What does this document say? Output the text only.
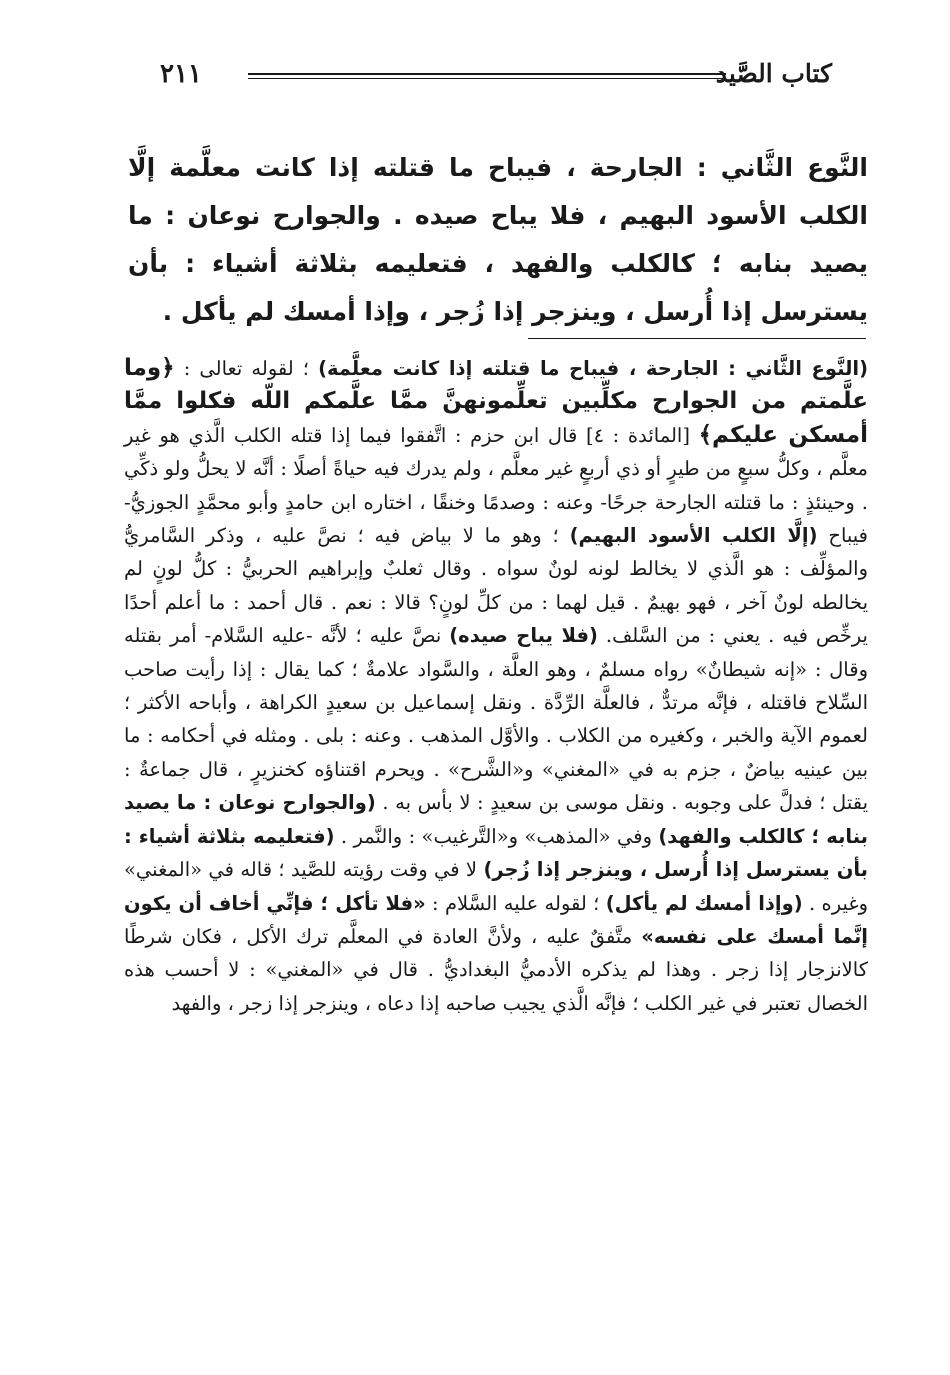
كتاب الصَّيد
٢١١

النَّوع الثَّاني : الجارحة ، فيباح ما قتلته إذا كانت معلَّمة إلَّا الكلب الأسود البهيم ، فلا يباح صيده . والجوارح نوعان : ما يصيد بنابه ؛ كالكلب والفهد ، فتعليمه بثلاثة أشياء : بأن يسترسل إذا أُرسل ، وينزجر إذا زُجر ، وإذا أمسك لم يأكل .

(النَّوع الثَّاني : الجارحة ، فيباح ما قتلته إذا كانت معلَّمة) ؛ لقوله تعالى : ﴿وما علَّمتم من الجوارح مكلِّبين تعلِّمونهنَّ ممَّا علَّمكم اللّه فكلوا ممَّا أمسكن عليكم﴾ [المائدة : ٤] قال ابن حزم : اتَّفقوا فيما إذا قتله الكلب الَّذي هو غير معلَّم ، وكلُّ سبعٍ من طيرٍ أو ذي أربعٍ غير معلَّم ، ولم يدرك فيه حياةً أصلًا : أنَّه لا يحلُّ ولو ذكِّي . وحينئذٍ : ما قتلته الجارحة جرحًا- وعنه : وصدمًا وخنقًا ، اختاره ابن حامدٍ وأبو محمَّدٍ الجوزيُّ- فيباح (إلَّا الكلب الأسود البهيم) ؛ وهو ما لا بياض فيه ؛ نصَّ عليه ، وذكر السَّامريُّ والمؤلِّف : هو الَّذي لا يخالط لونه لونٌ سواه . وقال ثعلبٌ وإبراهيم الحربيُّ : كلُّ لونٍ لم يخالطه لونٌ آخر ، فهو بهيمٌ . قيل لهما : من كلِّ لونٍ؟ قالا : نعم . قال أحمد : ما أعلم أحدًا يرخِّص فيه . يعني : من السَّلف. (فلا يباح صيده) نصَّ عليه ؛ لأنَّه -عليه السَّلام- أمر بقتله وقال : «إنه شيطانٌ» رواه مسلمٌ ، وهو العلَّة ، والسَّواد علامةٌ ؛ كما يقال : إذا رأيت صاحب السِّلاح فاقتله ، فإنَّه مرتدٌّ ، فالعلَّة الرِّدَّة . ونقل إسماعيل بن سعيدٍ الكراهة ، وأباحه الأكثر ؛ لعموم الآية والخبر ، وكغيره من الكلاب . والأوَّل المذهب . وعنه : بلى . ومثله في أحكامه : ما بين عينيه بياضٌ ، جزم به في «المغني» و«الشَّرح» . ويحرم اقتناؤه كخنزيرٍ ، قال جماعةٌ : يقتل ؛ فدلَّ على وجوبه . ونقل موسى بن سعيدٍ : لا بأس به . (والجوارح نوعان : ما يصيد بنابه ؛ كالكلب والفهد) وفي «المذهب» و«التَّرغيب» : والنَّمر . (فتعليمه بثلاثة أشياء : بأن يسترسل إذا أُرسل ، وينزجر إذا زُجر) لا في وقت رؤيته للصَّيد ؛ قاله في «المغني» وغيره . (وإذا أمسك لم يأكل) ؛ لقوله عليه السَّلام : «فلا تأكل ؛ فإنِّي أخاف أن يكون إنَّما أمسك على نفسه» متَّفقٌ عليه ، ولأنَّ العادة في المعلَّم ترك الأكل ، فكان شرطًا كالانزجار إذا زجر . وهذا لم يذكره الأدميُّ البغداديُّ . قال في «المغني» : لا أحسب هذه الخصال تعتبر في غير الكلب ؛ فإنَّه الَّذي يجيب صاحبه إذا دعاه ، وينزجر إذا زجر ، والفهد
